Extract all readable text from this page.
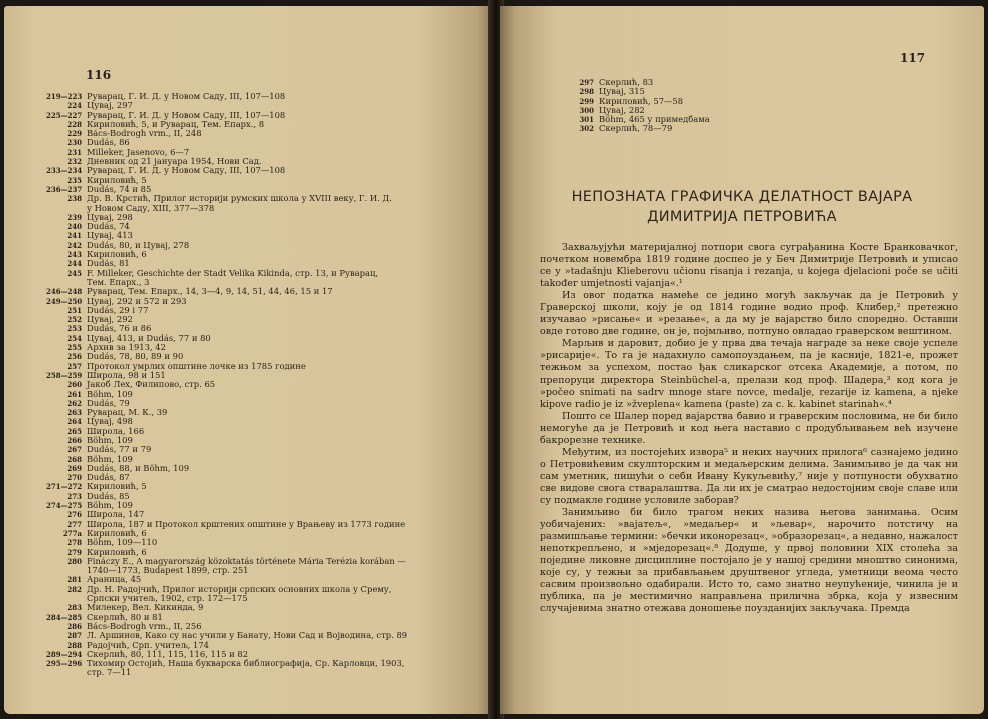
116
219—223 Руварац, Г. И. Д. у Новом Саду, III, 107—108
224 Цуваj, 297
225—227 Руварац, Г. И. Д. у Новом Саду, III, 107—108
228 Кириловић, 5, и Руварац, Тем. Епарх., 8
229 Bács-Bodrogh vrm., II, 248
230 Dudás, 86
231 Milleker, Jasenovo, 6—7
232 Дневник од 21 јануара 1954, Нови Сад.
233—234 Руварац, Г. И. Д. у Новом Саду, III, 107—108
235 Кириловић, 5
236—237 Dudás, 74 и 85
238 Др. В. Крстић, Прилог историји румских школа у XVIII веку, Г. И. Д.
у Новом Саду, XIII, 377—378
239 Цуваj, 298
240 Dudás, 74
241 Цуваj, 413
242 Dudás, 80, и Цуваj, 278
243 Кириловић, 6
244 Dudás, 81
245 F. Milleker, Geschichte der Stadt Velika Kikinda, стр. 13, и Руварац,
Тем. Епарх., 3
246—248 Руварац, Тем. Епарх., 14, 3—4, 9, 14, 51, 44, 46, 15 и 17
249—250 Цуваj, 292 и 572 и 293
251 Dudás, 29 i 77
252 Цуваj, 292
253 Dudás, 76 и 86
254 Цуваj, 413, и Dudás, 77 и 80
255 Архив за 1913, 42
256 Dudás, 78, 80, 89 и 90
257 Протокол умрлих општине лочке из 1785 године
258—259 Широла, 98 и 151
260 Јакоб Лех, Филипово, стр. 65
261 Böhm, 109
262 Dudás, 79
263 Руварац, М. К., 39
264 Цуваj, 498
265 Широла, 166
266 Böhm, 109
267 Dudás, 77 и 79
268 Böhm, 109
269 Dudás, 88, и Böhm, 109
270 Dudás, 87
271—272 Кириловић, 5
273 Dudás, 85
274—275 Böhm, 109
276 Широла, 147
277 Широла, 187 и Протокол крштених општине у Врањеву из 1773 године
277a Кириловић, 6
278 Böhm, 109—110
279 Кириловић, 6
280 Fináczy E., A magyarország közoktatás története Mária Terézia korában —
1740—1773, Budapest 1899, стр. 251
281 Араница, 45
282 Др. Н. Радојчић, Прилог историји српских основних школа у Срему,
Српски учитељ, 1902, стр. 172—175
283 Милекер, Вел. Кикинда, 9
284—285 Скерлић, 80 и 81
286 Bács-Bodrogh vrm., II, 256
287 Л. Аршинов, Како су нас учили у Банату, Нови Сад и Војводина, стр. 89
288 Радојчић, Срп. учитељ, 174
289—294 Скерлић, 80, 111, 115, 116, 115 и 82
295—296 Тихомир Остојић, Наша букварска библиографија, Ср. Карловци, 1903,
стр. 7—11
117
297 Скерлић, 83
298 Цуваj, 315
299 Кириловић, 57—58
300 Цуваj, 282
301 Böhm, 465 у примедбама
302 Скерлић, 78—79
НЕПОЗНАТА ГРАФИЧКА ДЕЛАТНОСТ ВАЈАРА
ДИМИТРИЈА ПЕТРОВИЋА

Захваљујући материјалној потпори свога суграђанина Косте Бранковачког, почетком новембра 1819 године доспео је у Беч Димитрије Петровић и уписао се у »tadašnju Klieberovu učionu risanja i rezanja, u kojega djelacioni poče se učiti također umjetnosti vajanja«.¹

Из овог податка намеће се једино могућ закључак да је Петровић у Граверској школи, коју је од 1814 године водио проф. Клибер,² претежно изучавао »рисање« и »резање«, а да му је вајарство било споредно. Оставши овде готово две године, он је, појмљиво, потпуно овладао граверском вештином.

Марљив и даровит, добио је у прва два течаја награде за неке своје успеле »рисарије«. То га је надахнуло самопоуздањем, па је касније, 1821-е, прожет тежњом за успехом, постао ђак сликарског отсека Академије, а потом, по препоруци директора Steinbüchel-а, прелази код проф. Шадера,³ код кога је »počeo snimati na sadrv mnoge stare novce, medalje, rezarije iz kamena, a njeke kipove radio je iz »žveplena« kamena (paste) za c. k. kabinet starinah«.⁴

Пошто се Шалер поред вајарства бавио и граверским пословима, не би било немогуће да је Петровић и код њега наставио с продубљивањем већ изучене бакрорезне технике.

Међутим, из постојећих извора⁵ и неких научних прилога⁶ сазнајемо једино о Петровићевим скулпторским и медаљерским делима. Занимљиво је да чак ни сам уметник, пишући о себи Ивану Кукуљевићу,⁷ није у потпуности обухватио све видове свога стваралаштва. Да ли их је сматрао недостојним своје славе или су подмакле године условиле заборав?

Занимљиво би било трагом неких назива његова занимања. Осим уобичајених: »вајатељ«, »медаљер« и »љевар«, нарочито потстичу на размишљање термини: »бечки иконорезац«, »образорезац«, а недавно, нажалост непоткрепљено, и »мједорезац«.⁸ Додуше, у првој половини XIX столећа за поједине ликовне дисциплине постојало је у нашој средини мноштво синонима, које су, у тежњи за прибављањем друштвеног угледа, уметници веома често сасвим произвољно одабирали. Исто то, само знатно неупућеније, чинила је и публика, па је местимично направљена прилична збрка, која у извесним случајевима знатно отежава доношење поузданијих закључака. Премда
